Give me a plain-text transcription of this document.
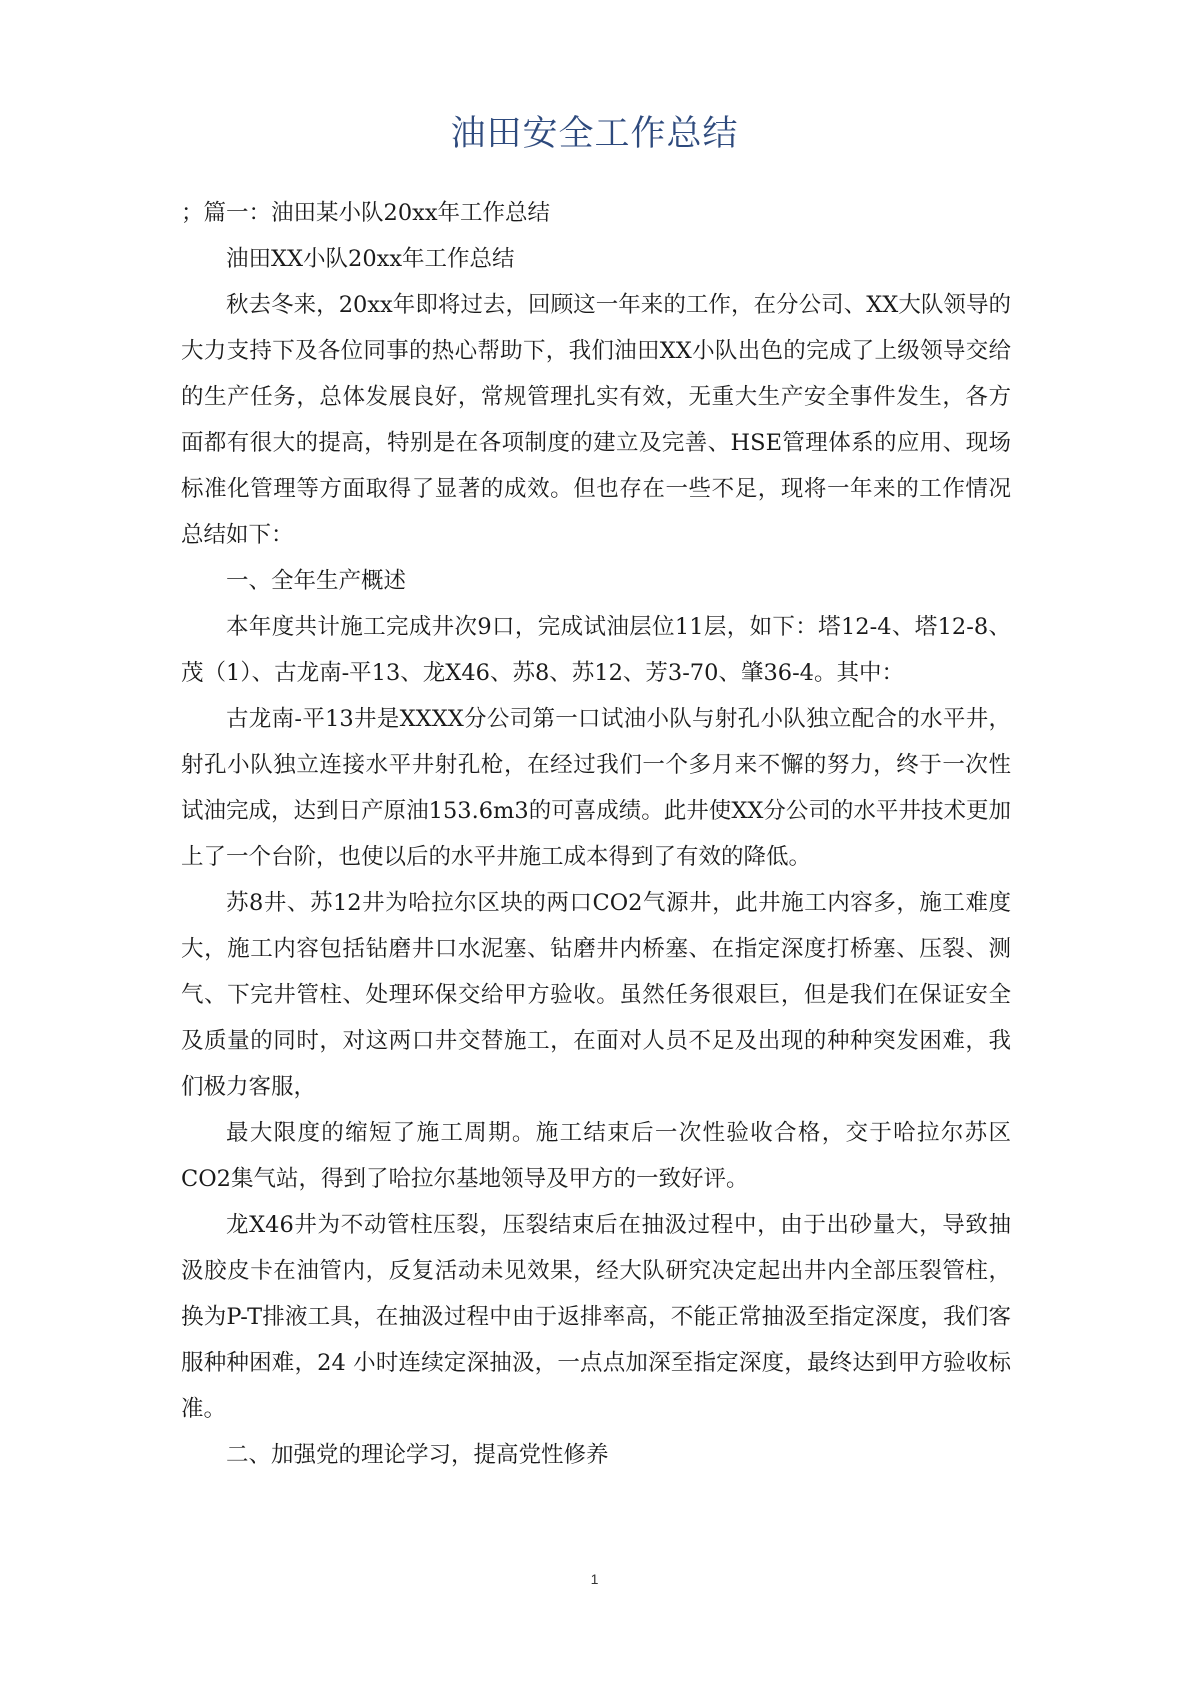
油田安全工作总结

；篇一：油田某小队20xx年工作总结

油田XX小队20xx年工作总结

秋去冬来，20xx年即将过去，回顾这一年来的工作，在分公司、XX大队领导的大力支持下及各位同事的热心帮助下，我们油田XX小队出色的完成了上级领导交给的生产任务，总体发展良好，常规管理扎实有效，无重大生产安全事件发生，各方面都有很大的提高，特别是在各项制度的建立及完善、HSE管理体系的应用、现场标准化管理等方面取得了显著的成效。但也存在一些不足，现将一年来的工作情况总结如下：

一、全年生产概述

本年度共计施工完成井次9口，完成试油层位11层，如下：塔12-4、塔12-8、茂（1）、古龙南-平13、龙X46、苏8、苏12、芳3-70、肇36-4。其中：

古龙南-平13井是XXXX分公司第一口试油小队与射孔小队独立配合的水平井，射孔小队独立连接水平井射孔枪，在经过我们一个多月来不懈的努力，终于一次性试油完成，达到日产原油153.6m3的可喜成绩。此井使XX分公司的水平井技术更加上了一个台阶，也使以后的水平井施工成本得到了有效的降低。

苏8井、苏12井为哈拉尔区块的两口CO2气源井，此井施工内容多，施工难度大，施工内容包括钻磨井口水泥塞、钻磨井内桥塞、在指定深度打桥塞、压裂、测气、下完井管柱、处理环保交给甲方验收。虽然任务很艰巨，但是我们在保证安全及质量的同时，对这两口井交替施工，在面对人员不足及出现的种种突发困难，我们极力客服，

最大限度的缩短了施工周期。施工结束后一次性验收合格，交于哈拉尔苏区CO2集气站，得到了哈拉尔基地领导及甲方的一致好评。

龙X46井为不动管柱压裂，压裂结束后在抽汲过程中，由于出砂量大，导致抽汲胶皮卡在油管内，反复活动未见效果，经大队研究决定起出井内全部压裂管柱，换为P-T排液工具，在抽汲过程中由于返排率高，不能正常抽汲至指定深度，我们客服种种困难，24 小时连续定深抽汲，一点点加深至指定深度，最终达到甲方验收标准。

二、加强党的理论学习，提高党性修养

1
